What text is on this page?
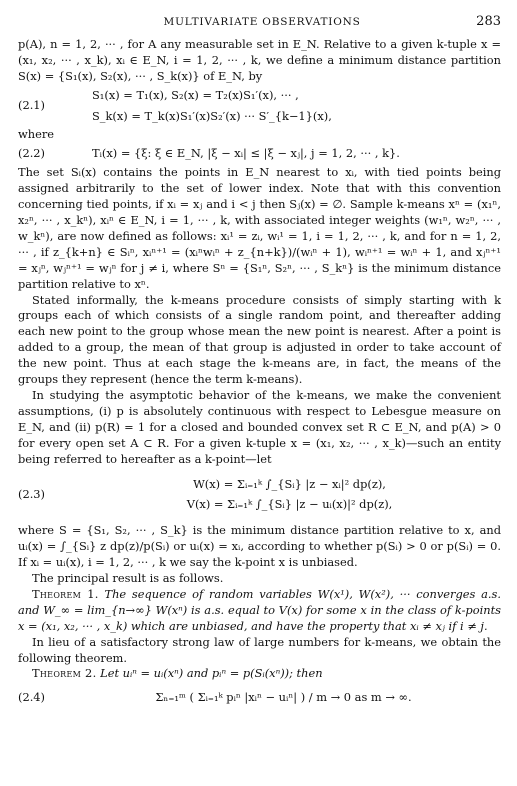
MULTIVARIATE OBSERVATIONS	283

p(A), n = 1, 2, ··· , for A any measurable set in E_N. Relative to a given k-tuple x = (x₁, x₂, ··· , x_k), xᵢ ∈ E_N, i = 1, 2, ··· , k, we define a minimum distance partition S(x) = {S₁(x), S₂(x), ··· , S_k(x)} of E_N, by

(2.1)
S₁(x) = T₁(x), S₂(x) = T₂(x)S₁′(x), ··· ,
S_k(x) = T_k(x)S₁′(x)S₂′(x) ··· S′_{k−1}(x),
where
(2.2)	Tᵢ(x) = {ξ: ξ ∈ E_N, |ξ − xᵢ| ≤ |ξ − xⱼ|, j = 1, 2, ··· , k}.

The set Sᵢ(x) contains the points in E_N nearest to xᵢ, with tied points being assigned arbitrarily to the set of lower index. Note that with this convention concerning tied points, if xᵢ = xⱼ and i < j then Sⱼ(x) = ∅. Sample k-means xⁿ = (x₁ⁿ, x₂ⁿ, ··· , x_kⁿ), xᵢⁿ ∈ E_N, i = 1, ··· , k, with associated integer weights (w₁ⁿ, w₂ⁿ, ··· , w_kⁿ), are now defined as follows: xᵢ¹ = zᵢ, wᵢ¹ = 1, i = 1, 2, ··· , k, and for n = 1, 2, ··· , if z_{k+n} ∈ Sᵢⁿ, xᵢⁿ⁺¹ = (xᵢⁿwᵢⁿ + z_{n+k})/(wᵢⁿ + 1), wᵢⁿ⁺¹ = wᵢⁿ + 1, and xⱼⁿ⁺¹ = xⱼⁿ, wⱼⁿ⁺¹ = wⱼⁿ for j ≠ i, where Sⁿ = {S₁ⁿ, S₂ⁿ, ··· , S_kⁿ} is the minimum distance partition relative to xⁿ.

Stated informally, the k-means procedure consists of simply starting with k groups each of which consists of a single random point, and thereafter adding each new point to the group whose mean the new point is nearest. After a point is added to a group, the mean of that group is adjusted in order to take account of the new point. Thus at each stage the k-means are, in fact, the means of the groups they represent (hence the term k-means).

In studying the asymptotic behavior of the k-means, we make the convenient assumptions, (i) p is absolutely continuous with respect to Lebesgue measure on E_N, and (ii) p(R) = 1 for a closed and bounded convex set R ⊂ E_N, and p(A) > 0 for every open set A ⊂ R. For a given k-tuple x = (x₁, x₂, ··· , x_k)—such an entity being referred to hereafter as a k-point—let

(2.3)
W(x) = Σᵢ₌₁ᵏ ∫_{Sᵢ} |z − xᵢ|² dp(z),
V(x) = Σᵢ₌₁ᵏ ∫_{Sᵢ} |z − uᵢ(x)|² dp(z),

where S = {S₁, S₂, ··· , S_k} is the minimum distance partition relative to x, and uᵢ(x) = ∫_{Sᵢ} z dp(z)/p(Sᵢ) or uᵢ(x) = xᵢ, according to whether p(Sᵢ) > 0 or p(Sᵢ) = 0. If xᵢ = uᵢ(x), i = 1, 2, ··· , k we say the k-point x is unbiased.

The principal result is as follows.

Theorem 1. The sequence of random variables W(x¹), W(x²), ··· converges a.s. and W_∞ = lim_{n→∞} W(xⁿ) is a.s. equal to V(x) for some x in the class of k-points x = (x₁, x₂, ··· , x_k) which are unbiased, and have the property that xᵢ ≠ xⱼ if i ≠ j.

In lieu of a satisfactory strong law of large numbers for k-means, we obtain the following theorem.

Theorem 2. Let uᵢⁿ = uᵢ(xⁿ) and pᵢⁿ = p(Sᵢ(xⁿ)); then

(2.4)	Σₙ₌₁ᵐ ( Σᵢ₌₁ᵏ pᵢⁿ |xᵢⁿ − uᵢⁿ| ) / m → 0 as m → ∞.
